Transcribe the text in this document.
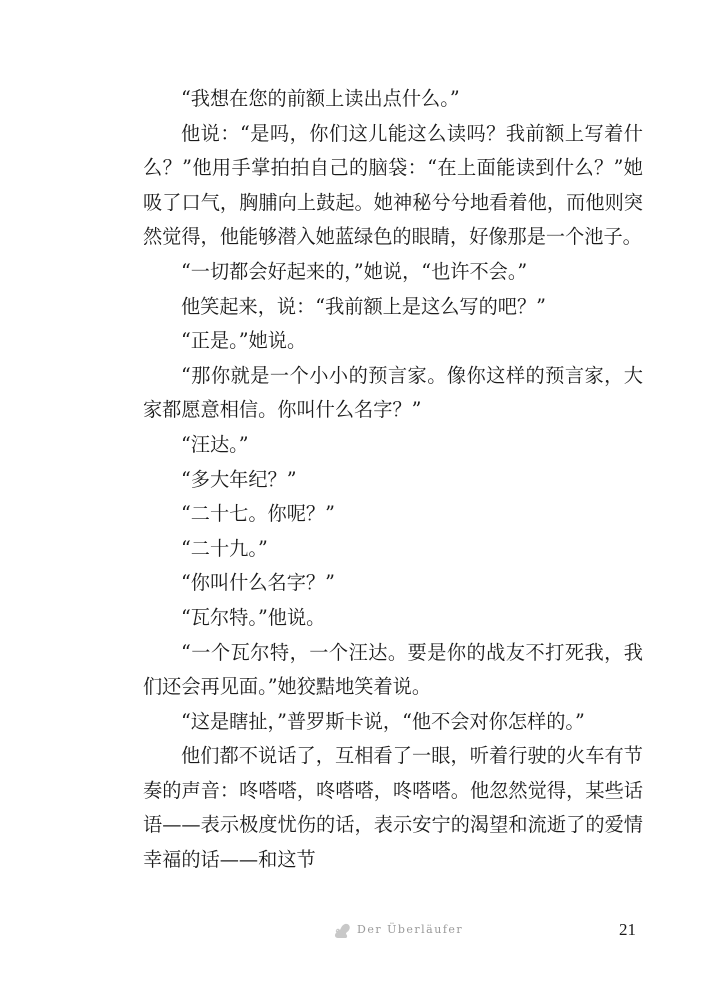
“我想在您的前额上读出点什么。”

他说：“是吗，你们这儿能这么读吗？我前额上写着什么？”他用手掌拍拍自己的脑袋：“在上面能读到什么？”她吸了口气，胸脯向上鼓起。她神秘兮兮地看着他，而他则突然觉得，他能够潜入她蓝绿色的眼睛，好像那是一个池子。

“一切都会好起来的，”她说，“也许不会。”

他笑起来，说：“我前额上是这么写的吧？”

“正是。”她说。

“那你就是一个小小的预言家。像你这样的预言家，大家都愿意相信。你叫什么名字？”

“汪达。”

“多大年纪？”

“二十七。你呢？”

“二十九。”

“你叫什么名字？”

“瓦尔特。”他说。

“一个瓦尔特，一个汪达。要是你的战友不打死我，我们还会再见面。”她狡黠地笑着说。

“这是瞎扯，”普罗斯卡说，“他不会对你怎样的。”

他们都不说话了，互相看了一眼，听着行驶的火车有节奏的声音：咚嗒嗒，咚嗒嗒，咚嗒嗒。他忽然觉得，某些话语——表示极度忧伤的话，表示安宁的渴望和流逝了的爱情幸福的话——和这节

Der Überläufer	21
